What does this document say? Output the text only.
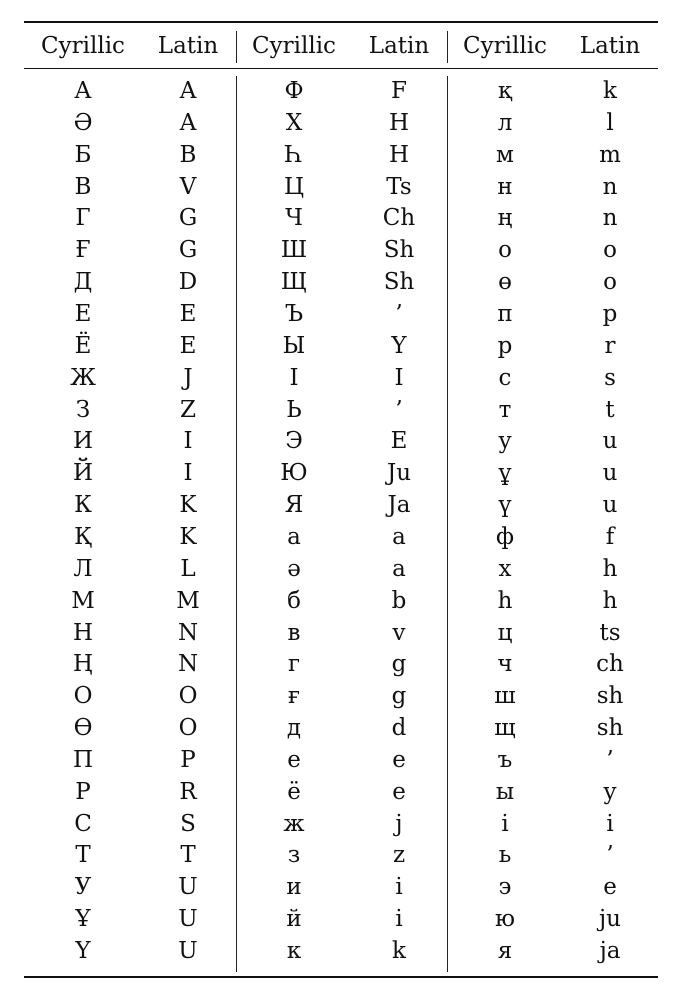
Cyrillic	Latin	Cyrillic	Latin	Cyrillic	Latin
А	A	Ф	F	қ	k
Ә	A	Х	H	л	l
Б	B	Һ	H	м	m
В	V	Ц	Ts	н	n
Г	G	Ч	Ch	ң	n
Ғ	G	Ш	Sh	о	o
Д	D	Щ	Sh	ө	o
Е	E	Ъ	’	п	p
Ё	E	Ы	Y	р	r
Ж	J	І	I	с	s
З	Z	Ь	’	т	t
И	I	Э	E	у	u
Й	I	Ю	Ju	ұ	u
К	K	Я	Ja	ү	u
Қ	K	а	a	ф	f
Л	L	ә	a	х	h
М	M	б	b	һ	h
Н	N	в	v	ц	ts
Ң	N	г	g	ч	ch
О	O	ғ	g	ш	sh
Ө	O	д	d	щ	sh
П	P	е	e	ъ	’
Р	R	ё	e	ы	y
С	S	ж	j	і	i
Т	T	з	z	ь	’
У	U	и	i	э	e
Ұ	U	й	i	ю	ju
Ү	U	к	k	я	ja
